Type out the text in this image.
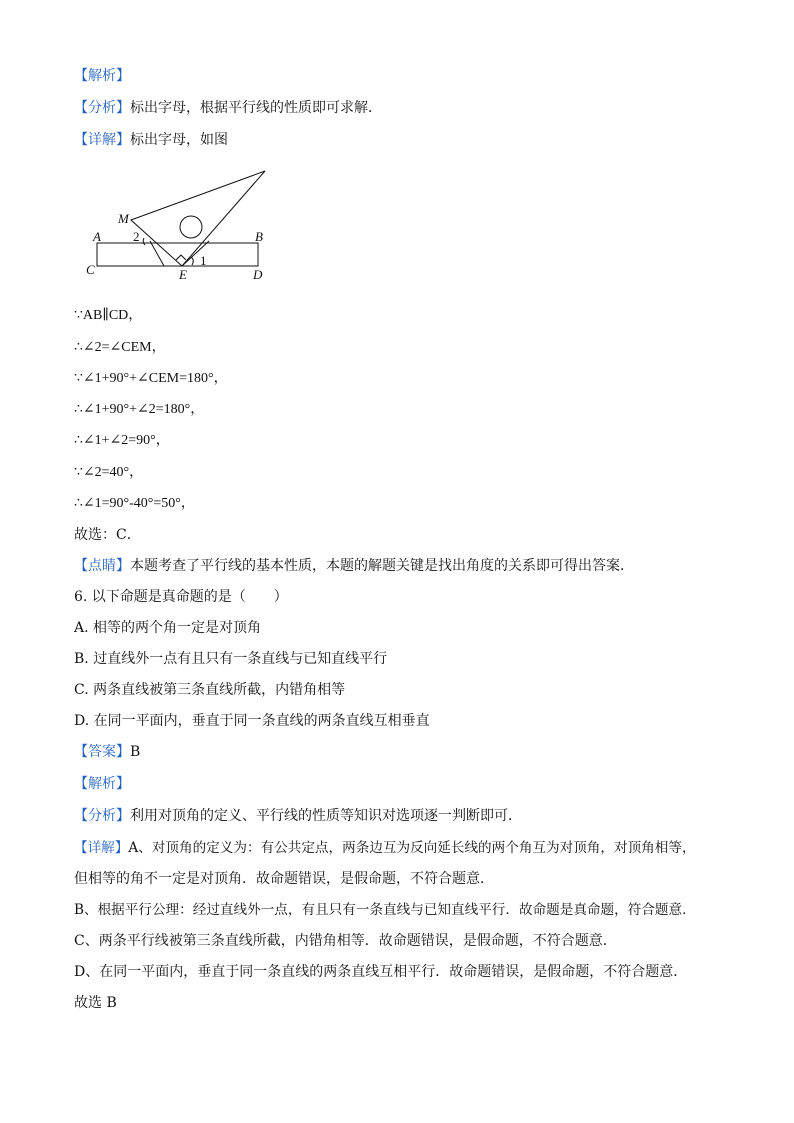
【解析】
【分析】标出字母，根据平行线的性质即可求解．
【详解】标出字母，如图
M
A	B
C	D
E
1
2
∵AB∥CD，
∴∠2=∠CEM，
∵∠1+90°+∠CEM=180°，
∴∠1+90°+∠2=180°，
∴∠1+∠2=90°，
∵∠2=40°，
∴∠1=90°-40°=50°，
故选：C．
【点睛】本题考查了平行线的基本性质，本题的解题关键是找出角度的关系即可得出答案．
6. 以下命题是真命题的是（　　）
A. 相等的两个角一定是对顶角
B. 过直线外一点有且只有一条直线与已知直线平行
C. 两条直线被第三条直线所截，内错角相等
D. 在同一平面内，垂直于同一条直线的两条直线互相垂直
【答案】B
【解析】
【分析】利用对顶角的定义、平行线的性质等知识对选项逐一判断即可．
【详解】A、对顶角的定义为：有公共定点，两条边互为反向延长线的两个角互为对顶角，对顶角相等，
但相等的角不一定是对顶角．故命题错误，是假命题，不符合题意．
B、根据平行公理：经过直线外一点，有且只有一条直线与已知直线平行．故命题是真命题，符合题意．
C、两条平行线被第三条直线所截，内错角相等．故命题错误，是假命题，不符合题意．
D、在同一平面内，垂直于同一条直线的两条直线互相平行．故命题错误，是假命题，不符合题意．
故选 B
